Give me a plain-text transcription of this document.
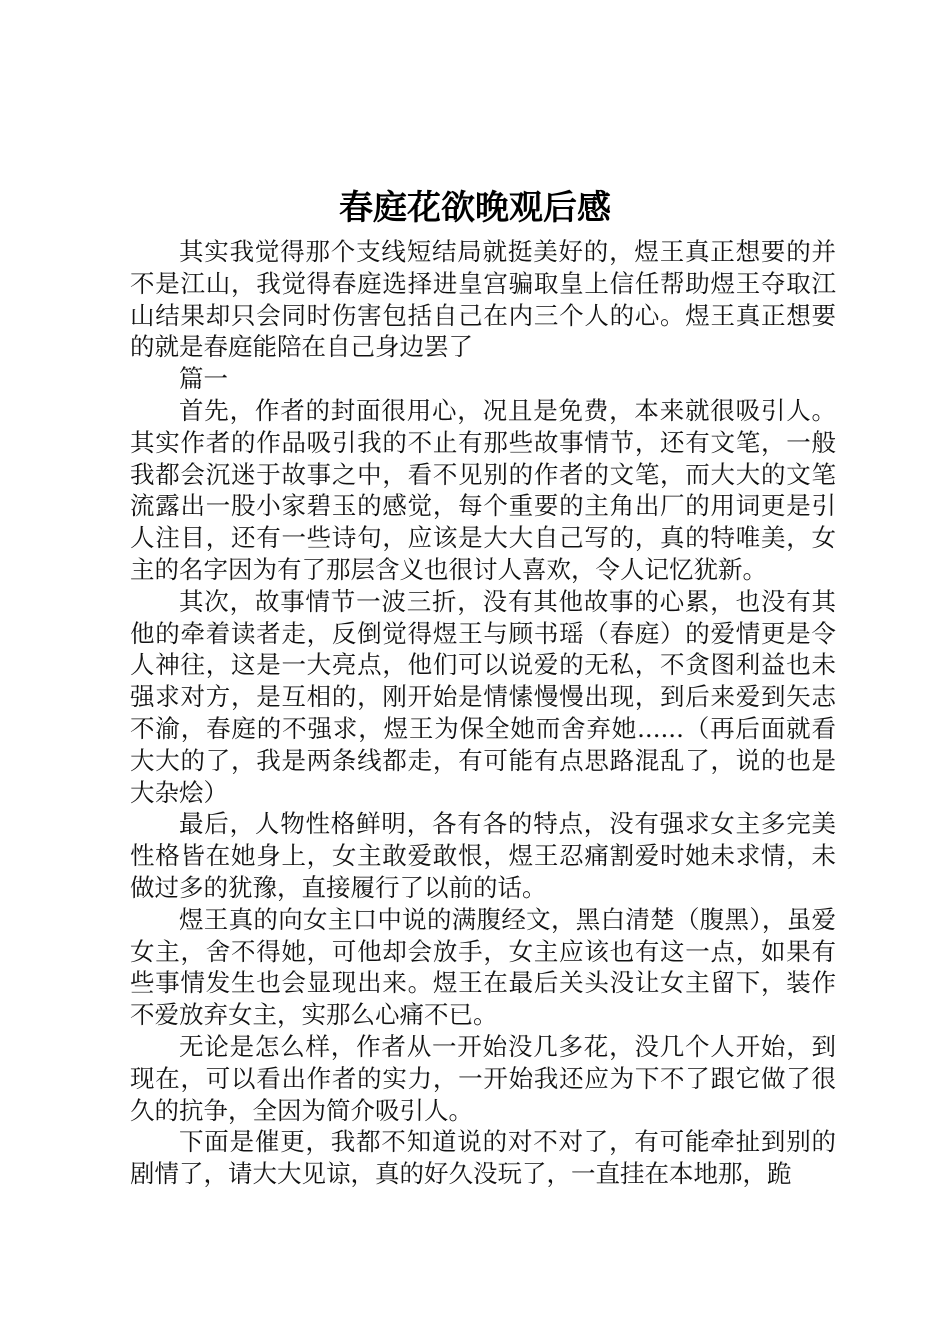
春庭花欲晚观后感

其实我觉得那个支线短结局就挺美好的，煜王真正想要的并不是江山，我觉得春庭选择进皇宫骗取皇上信任帮助煜王夺取江山结果却只会同时伤害包括自己在内三个人的心。煜王真正想要的就是春庭能陪在自己身边罢了

篇一

首先，作者的封面很用心，况且是免费，本来就很吸引人。其实作者的作品吸引我的不止有那些故事情节，还有文笔，一般我都会沉迷于故事之中，看不见别的作者的文笔，而大大的文笔流露出一股小家碧玉的感觉，每个重要的主角出厂的用词更是引人注目，还有一些诗句，应该是大大自己写的，真的特唯美，女主的名字因为有了那层含义也很讨人喜欢，令人记忆犹新。

其次，故事情节一波三折，没有其他故事的心累，也没有其他的牵着读者走，反倒觉得煜王与顾书瑶（春庭）的爱情更是令人神往，这是一大亮点，他们可以说爱的无私，不贪图利益也未强求对方，是互相的，刚开始是情愫慢慢出现，到后来爱到矢志不渝，春庭的不强求，煜王为保全她而舍弃她......（再后面就看大大的了，我是两条线都走，有可能有点思路混乱了，说的也是大杂烩）

最后，人物性格鲜明，各有各的特点，没有强求女主多完美性格皆在她身上，女主敢爱敢恨，煜王忍痛割爱时她未求情，未做过多的犹豫，直接履行了以前的话。

煜王真的向女主口中说的满腹经文，黑白清楚（腹黑），虽爱女主，舍不得她，可他却会放手，女主应该也有这一点，如果有些事情发生也会显现出来。煜王在最后关头没让女主留下，装作不爱放弃女主，实那么心痛不已。

无论是怎么样，作者从一开始没几多花，没几个人开始，到现在，可以看出作者的实力，一开始我还应为下不了跟它做了很久的抗争，全因为简介吸引人。

下面是催更，我都不知道说的对不对了，有可能牵扯到别的剧情了，请大大见谅，真的好久没玩了，一直挂在本地那，跪
